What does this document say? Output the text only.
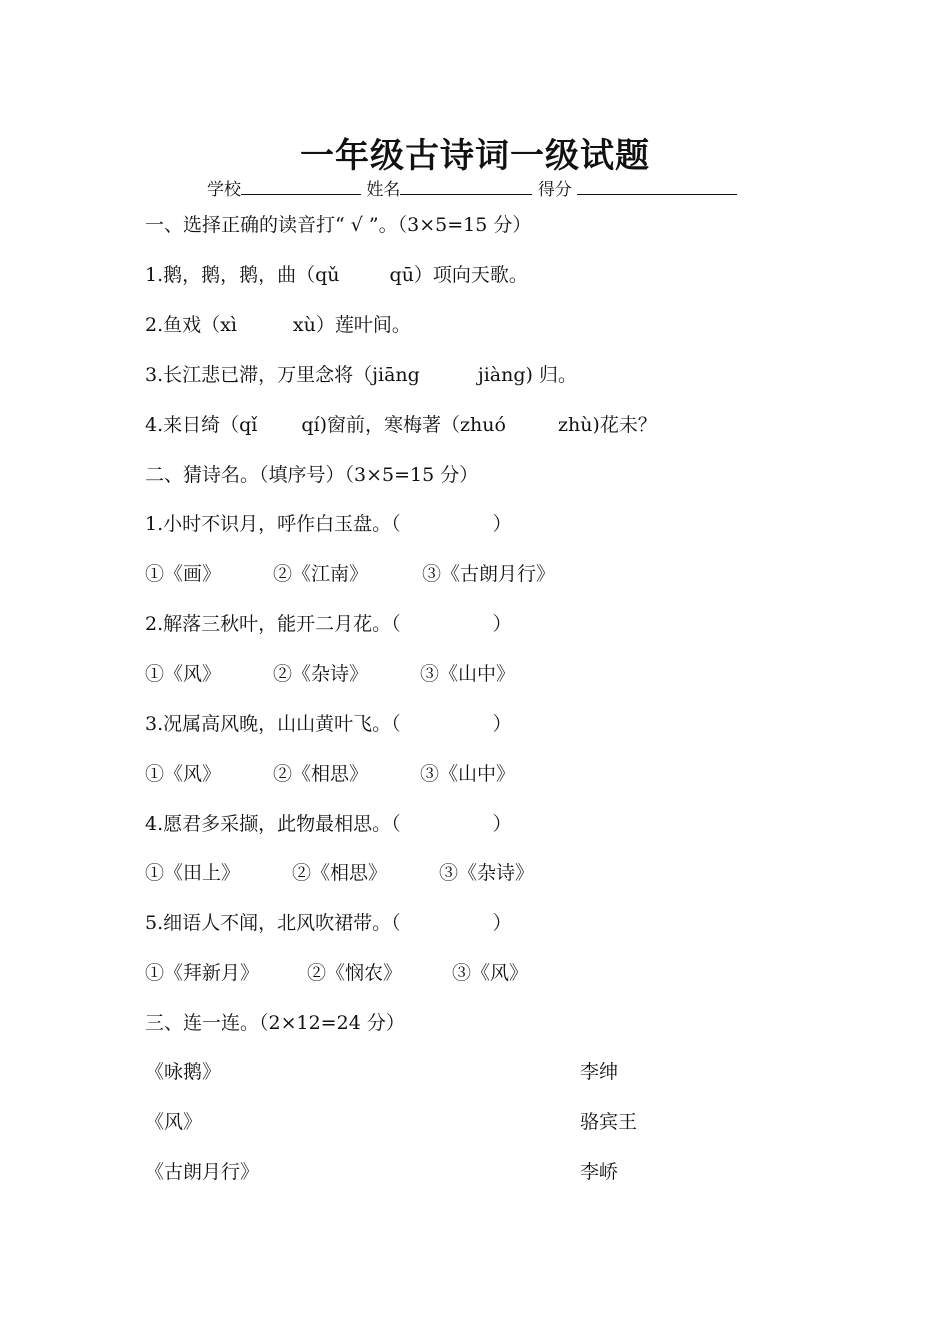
一年级古诗词一级试题
学校	姓名	得分
一、选择正确的读音打“ √ ”。（3×5=15 分）
1.鹅，鹅，鹅，曲（qǔ	qū）项向天歌。
2.鱼戏（xì	xù）莲叶间。
3.长江悲已滞，万里念将（jiāng	jiàng) 归。
4.来日绮（qǐ qí)窗前，寒梅著（zhuó	zhù)花未？
二、猜诗名。（填序号）（3×5=15 分）
1.小时不识月，呼作白玉盘。（	）
①《画》	②《江南》	③《古朗月行》
2.解落三秋叶，能开二月花。（	）
①《风》	②《杂诗》	③《山中》
3.况属高风晚，山山黄叶飞。（	）
①《风》	②《相思》	③《山中》
4.愿君多采撷，此物最相思。（	）
①《田上》	②《相思》	③《杂诗》
5.细语人不闻，北风吹裙带。（	）
①《拜新月》	②《悯农》	③《风》
三、连一连。（2×12=24 分）
《咏鹅》	李绅
《风》	骆宾王
《古朗月行》	李峤
